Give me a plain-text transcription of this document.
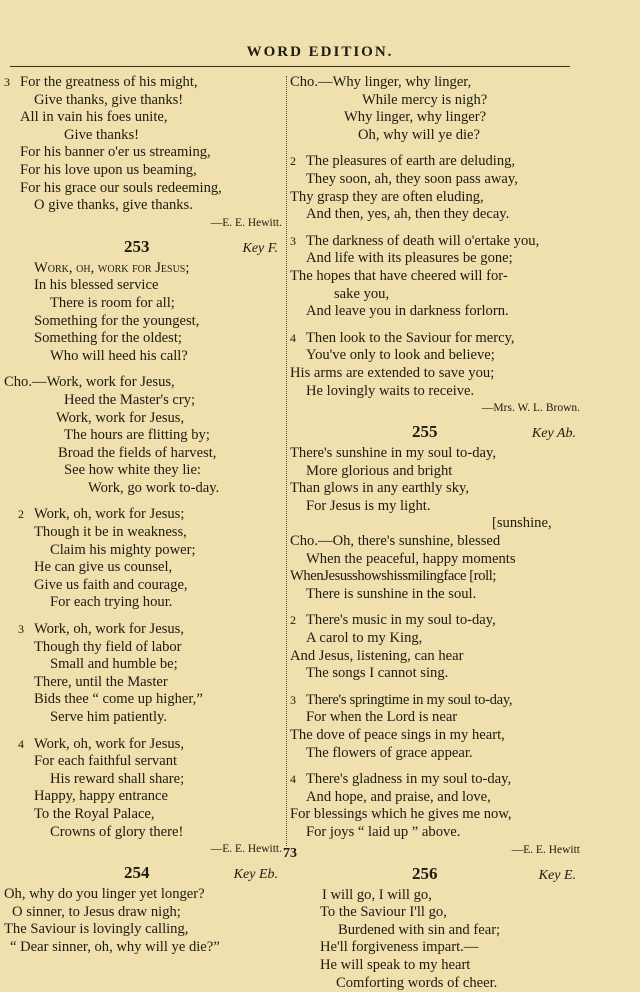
WORD EDITION.
3 For the greatness of his might,
Give thanks, give thanks!
All in vain his foes unite,
Give thanks!
For his banner o'er us streaming,
For his love upon us beaming,
For his grace our souls redeeming,
O give thanks, give thanks.
—E. E. Hewitt.
253	Key F.
Work, oh, work for Jesus;
In his blessed service
There is room for all;
Something for the youngest,
Something for the oldest;
Who will heed his call?
Cho.—Work, work for Jesus,
Heed the Master's cry;
Work, work for Jesus,
The hours are flitting by;
Broad the fields of harvest,
See how white they lie:
Work, go work to-day.
2 Work, oh, work for Jesus;
Though it be in weakness,
Claim his mighty power;
He can give us counsel,
Give us faith and courage,
For each trying hour.
3 Work, oh, work for Jesus,
Though thy field of labor
Small and humble be;
There, until the Master
Bids thee “ come up higher,”
Serve him patiently.
4 Work, oh, work for Jesus,
For each faithful servant
His reward shall share;
Happy, happy entrance
To the Royal Palace,
Crowns of glory there!
—E. E. Hewitt.
254	Key Eb.
Oh, why do you linger yet longer?
O sinner, to Jesus draw nigh;
The Saviour is lovingly calling,
“ Dear sinner, oh, why will ye die?”
Cho.—Why linger, why linger,
While mercy is nigh?
Why linger, why linger?
Oh, why will ye die?
2 The pleasures of earth are deluding,
They soon, ah, they soon pass away,
Thy grasp they are often eluding,
And then, yes, ah, then they decay.
3 The darkness of death will o'ertake you,
And life with its pleasures be gone;
The hopes that have cheered will for-
sake you,
And leave you in darkness forlorn.
4 Then look to the Saviour for mercy,
You've only to look and believe;
His arms are extended to save you;
He lovingly waits to receive.
—Mrs. W. L. Brown.
255	Key Ab.
There's sunshine in my soul to-day,
More glorious and bright
Than glows in any earthly sky,
For Jesus is my light.
[sunshine,
Cho.—Oh, there's sunshine, blessed
When the peaceful, happy moments
WhenJesusshowshissmilingface [roll;
There is sunshine in the soul.
2 There's music in my soul to-day,
A carol to my King,
And Jesus, listening, can hear
The songs I cannot sing.
3 There's springtime in my soul to-day,
For when the Lord is near
The dove of peace sings in my heart,
The flowers of grace appear.
4 There's gladness in my soul to-day,
And hope, and praise, and love,
For blessings which he gives me now,
For joys “ laid up ” above.
—E. E. Hewitt
256	Key E.
I will go, I will go,
To the Saviour I'll go,
Burdened with sin and fear;
He'll forgiveness impart.—
He will speak to my heart
Comforting words of cheer.
73
